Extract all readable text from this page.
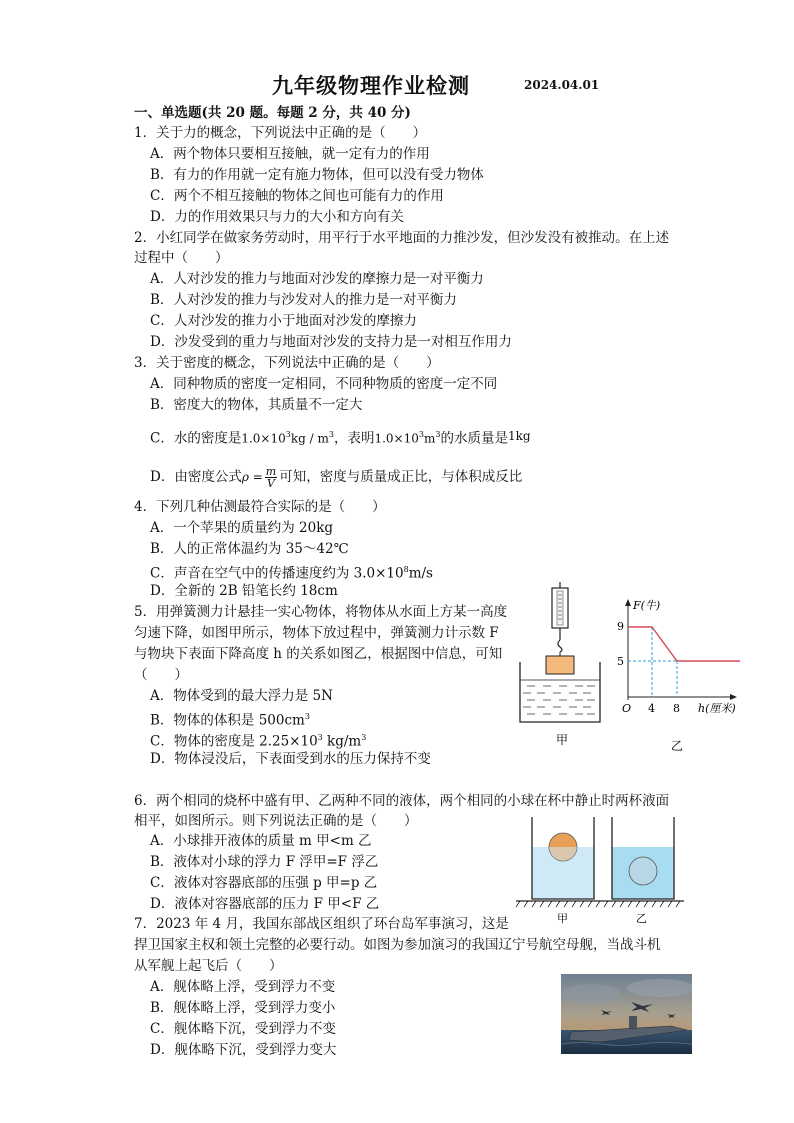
九年级物理作业检测	2024.04.01
一、单选题(共 20 题。每题 2 分，共 40 分)
1．关于力的概念，下列说法中正确的是（　　）
A．两个物体只要相互接触，就一定有力的作用
B．有力的作用就一定有施力物体，但可以没有受力物体
C．两个不相互接触的物体之间也可能有力的作用
D．力的作用效果只与力的大小和方向有关
2．小红同学在做家务劳动时，用平行于水平地面的力推沙发，但沙发没有被推动。在上述
过程中（　　）
A．人对沙发的推力与地面对沙发的摩擦力是一对平衡力
B．人对沙发的推力与沙发对人的推力是一对平衡力
C．人对沙发的推力小于地面对沙发的摩擦力
D．沙发受到的重力与地面对沙发的支持力是一对相互作用力
3．关于密度的概念，下列说法中正确的是（　　）
A．同种物质的密度一定相同，不同种物质的密度一定不同
B．密度大的物体，其质量不一定大
C．水的密度是$1.0\times 10^3kg / m^3$，表明$1.0\times 10^3m^3$的水质量是1kg
D．由密度公式$\rho = \frac{m}{V}$ 可知，密度与质量成正比，与体积成反比
4．下列几种估测最符合实际的是（　　）
A．一个苹果的质量约为 20kg
B．人的正常体温约为 35～42℃
C．声音在空气中的传播速度约为 $3.0\times 10^8m/s$
D．全新的 2B 铅笔长约 18cm
5．用弹簧测力计悬挂一实心物体，将物体从水面上方某一高度
匀速下降，如图甲所示，物体下放过程中，弹簧测力计示数 F
与物块下表面下降高度 h 的关系如图乙，根据图中信息，可知
（　　）
A．物体受到的最大浮力是 5N
B．物体的体积是 $500cm^3$
C．物体的密度是 $2.25\times 10^3$ $kg/m^3$
D．物体浸没后，下表面受到水的压力保持不变
甲
F(牛)
h(厘米)
9
5
O 4 8
乙
6．两个相同的烧杯中盛有甲、乙两种不同的液体，两个相同的小球在杯中静止时两杯液面
相平，如图所示。则下列说法正确的是（　　）
A．小球排开液体的质量 m 甲<m 乙
B．液体对小球的浮力 F 浮甲=F 浮乙
C．液体对容器底部的压强 p 甲=p 乙
D．液体对容器底部的压力 F 甲<F 乙
甲	乙
7．2023 年 4 月，我国东部战区组织了环台岛军事演习，这是
捍卫国家主权和领土完整的必要行动。如图为参加演习的我国辽宁号航空母舰，当战斗机
从军舰上起飞后（　　）
A．舰体略上浮，受到浮力不变
B．舰体略上浮，受到浮力变小
C．舰体略下沉，受到浮力不变
D．舰体略下沉，受到浮力变大
